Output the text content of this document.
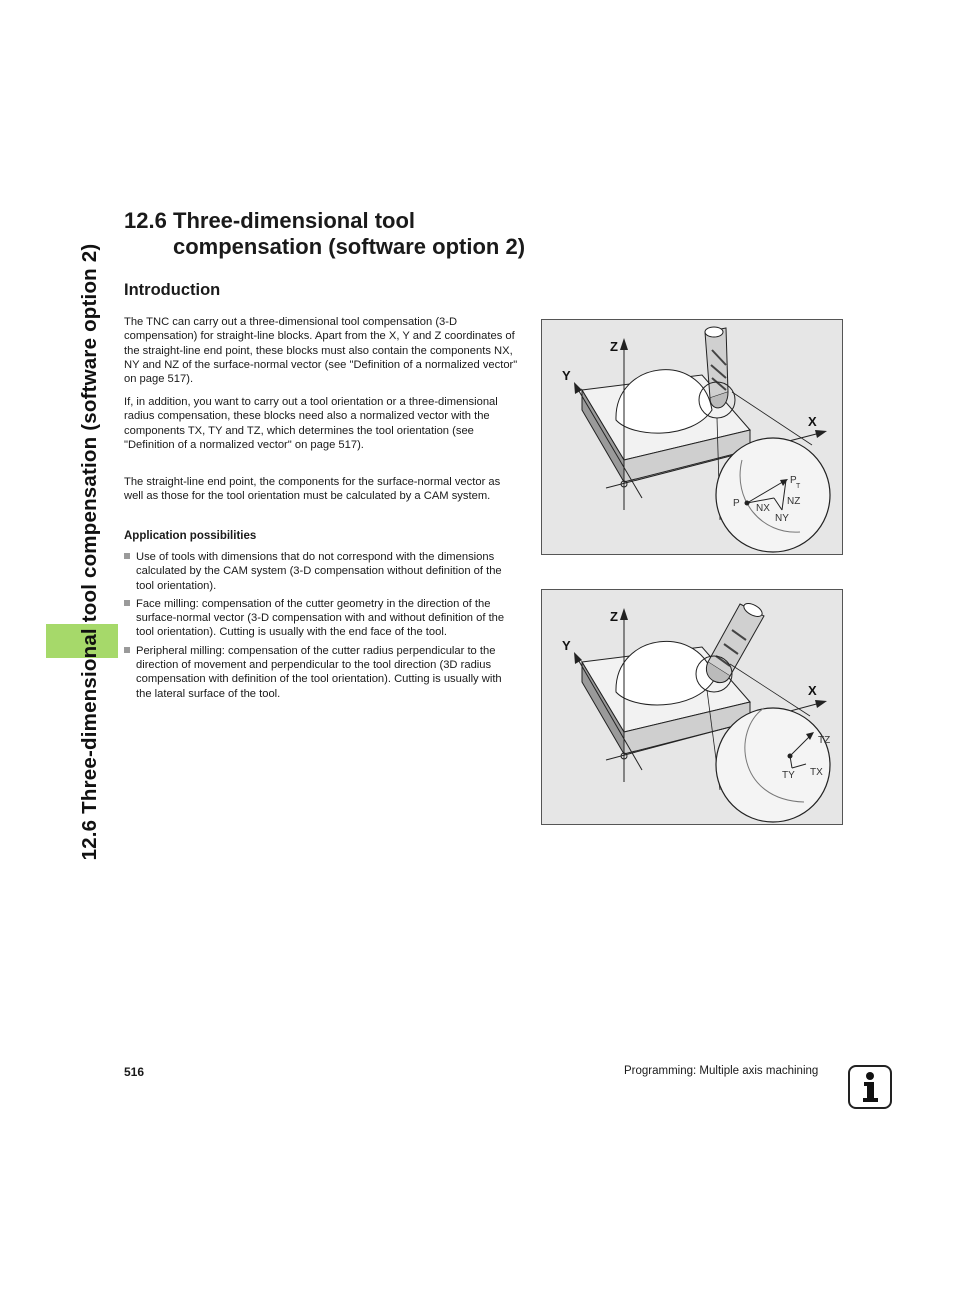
12.6 Three-dimensional tool compensation (software option 2)
12.6 Three-dimensional tool
compensation (software option 2)
Introduction

The TNC can carry out a three-dimensional tool compensation (3-D compensation) for straight-line blocks. Apart from the X, Y and Z coordinates of the straight-line end point, these blocks must also contain the components NX, NY and NZ of the surface-normal vector (see "Definition of a normalized vector" on page 517).

If, in addition, you want to carry out a tool orientation or a three-dimensional radius compensation, these blocks need also a normalized vector with the components TX, TY and TZ, which determines the tool orientation (see "Definition of a normalized vector" on page 517).

The straight-line end point, the components for the surface-normal vector as well as those for the tool orientation must be calculated by a CAM system.

Application possibilities
Use of tools with dimensions that do not correspond with the dimensions calculated by the CAM system (3-D compensation without definition of the tool orientation).
Face milling: compensation of the cutter geometry in the direction of the surface-normal vector (3-D compensation with and without definition of the tool orientation). Cutting is usually with the end face of the tool.
Peripheral milling: compensation of the cutter radius perpendicular to the direction of movement and perpendicular to the tool direction (3D radius compensation with definition of the tool orientation). Cutting is usually with the lateral surface of the tool.
Z
Y
X
P
P
T
NX
NY
NZ
Z
Y
X
TX
TY
TZ
516	Programming: Multiple axis machining
